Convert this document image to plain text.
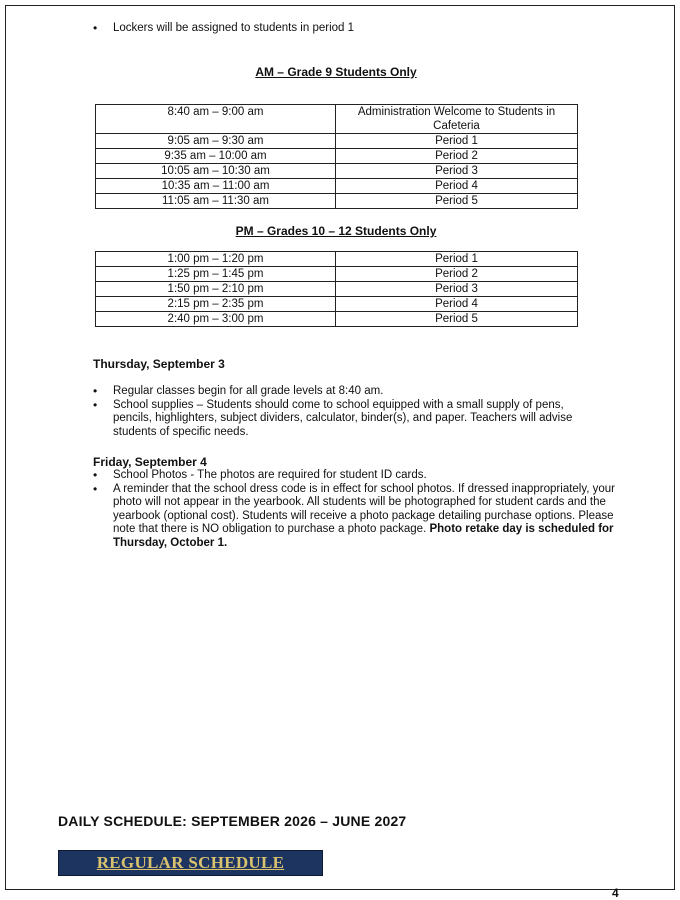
• Lockers will be assigned to students in period 1
AM – Grade 9 Students Only
8:40 am – 9:00 am	Administration Welcome to Students in Cafeteria
9:05 am – 9:30 am	Period 1
9:35 am – 10:00 am	Period 2
10:05 am – 10:30 am	Period 3
10:35 am – 11:00 am	Period 4
11:05 am – 11:30 am	Period 5
PM – Grades 10 – 12 Students Only
1:00 pm – 1:20 pm	Period 1
1:25 pm – 1:45 pm	Period 2
1:50 pm – 2:10 pm	Period 3
2:15 pm – 2:35 pm	Period 4
2:40 pm – 3:00 pm	Period 5
Thursday, September 3
• Regular classes begin for all grade levels at 8:40 am.
• School supplies – Students should come to school equipped with a small supply of pens, pencils, highlighters, subject dividers, calculator, binder(s), and paper. Teachers will advise students of specific needs.
Friday, September 4
• School Photos - The photos are required for student ID cards.
• A reminder that the school dress code is in effect for school photos. If dressed inappropriately, your photo will not appear in the yearbook. All students will be photographed for student cards and the yearbook (optional cost). Students will receive a photo package detailing purchase options. Please note that there is NO obligation to purchase a photo package. Photo retake day is scheduled for Thursday, October 1.
DAILY SCHEDULE: SEPTEMBER 2026 – JUNE 2027
REGULAR SCHEDULE
4
